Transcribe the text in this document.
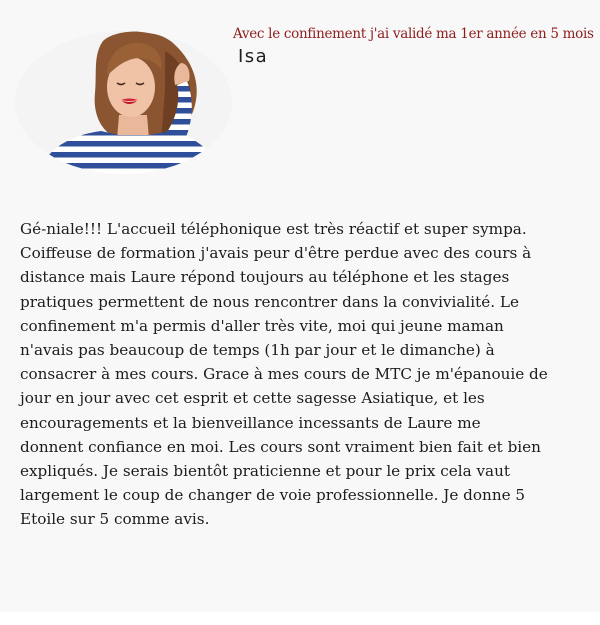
Avec le confinement j'ai validé ma 1er année en 5 mois
Isa

Gé-niale!!! L'accueil téléphonique est très réactif et super sympa.
Coiffeuse de formation j'avais peur d'être perdue avec des cours à
distance mais Laure répond toujours au téléphone et les stages
pratiques permettent de nous rencontrer dans la convivialité. Le
confinement m'a permis d'aller très vite, moi qui jeune maman
n'avais pas beaucoup de temps (1h par jour et le dimanche) à
consacrer à mes cours. Grace à mes cours de MTC je m'épanouie de
jour en jour avec cet esprit et cette sagesse Asiatique, et les
encouragements et la bienveillance incessants de Laure me
donnent confiance en moi. Les cours sont vraiment bien fait et bien
expliqués. Je serais bientôt praticienne et pour le prix cela vaut
largement le coup de changer de voie professionnelle. Je donne 5
Etoile sur 5 comme avis.
